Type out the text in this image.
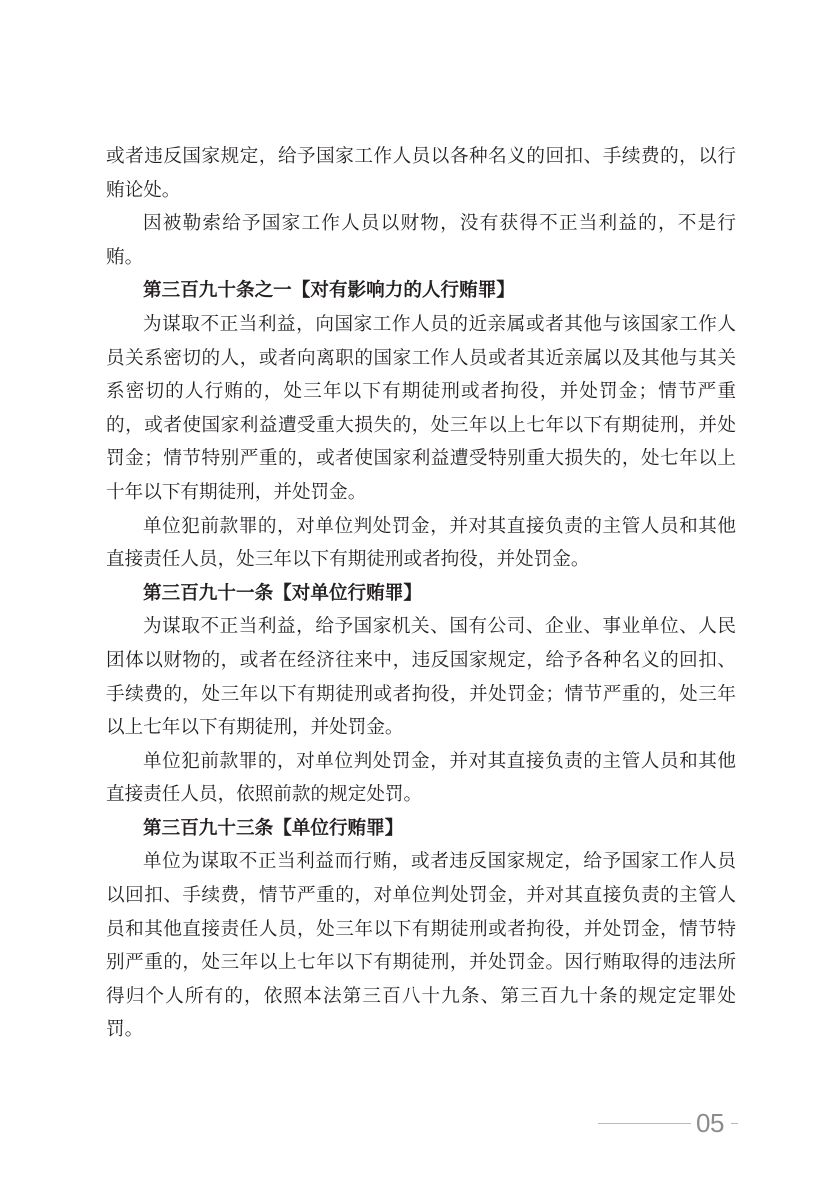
或者违反国家规定，给予国家工作人员以各种名义的回扣、手续费的，以行贿论处。

因被勒索给予国家工作人员以财物，没有获得不正当利益的，不是行贿。

第三百九十条之一【对有影响力的人行贿罪】

为谋取不正当利益，向国家工作人员的近亲属或者其他与该国家工作人员关系密切的人，或者向离职的国家工作人员或者其近亲属以及其他与其关系密切的人行贿的，处三年以下有期徒刑或者拘役，并处罚金；情节严重的，或者使国家利益遭受重大损失的，处三年以上七年以下有期徒刑，并处罚金；情节特别严重的，或者使国家利益遭受特别重大损失的，处七年以上十年以下有期徒刑，并处罚金。

单位犯前款罪的，对单位判处罚金，并对其直接负责的主管人员和其他直接责任人员，处三年以下有期徒刑或者拘役，并处罚金。

第三百九十一条【对单位行贿罪】

为谋取不正当利益，给予国家机关、国有公司、企业、事业单位、人民团体以财物的，或者在经济往来中，违反国家规定，给予各种名义的回扣、手续费的，处三年以下有期徒刑或者拘役，并处罚金；情节严重的，处三年以上七年以下有期徒刑，并处罚金。

单位犯前款罪的，对单位判处罚金，并对其直接负责的主管人员和其他直接责任人员，依照前款的规定处罚。

第三百九十三条【单位行贿罪】

单位为谋取不正当利益而行贿，或者违反国家规定，给予国家工作人员以回扣、手续费，情节严重的，对单位判处罚金，并对其直接负责的主管人员和其他直接责任人员，处三年以下有期徒刑或者拘役，并处罚金，情节特别严重的，处三年以上七年以下有期徒刑，并处罚金。因行贿取得的违法所得归个人所有的，依照本法第三百八十九条、第三百九十条的规定定罪处罚。

05
